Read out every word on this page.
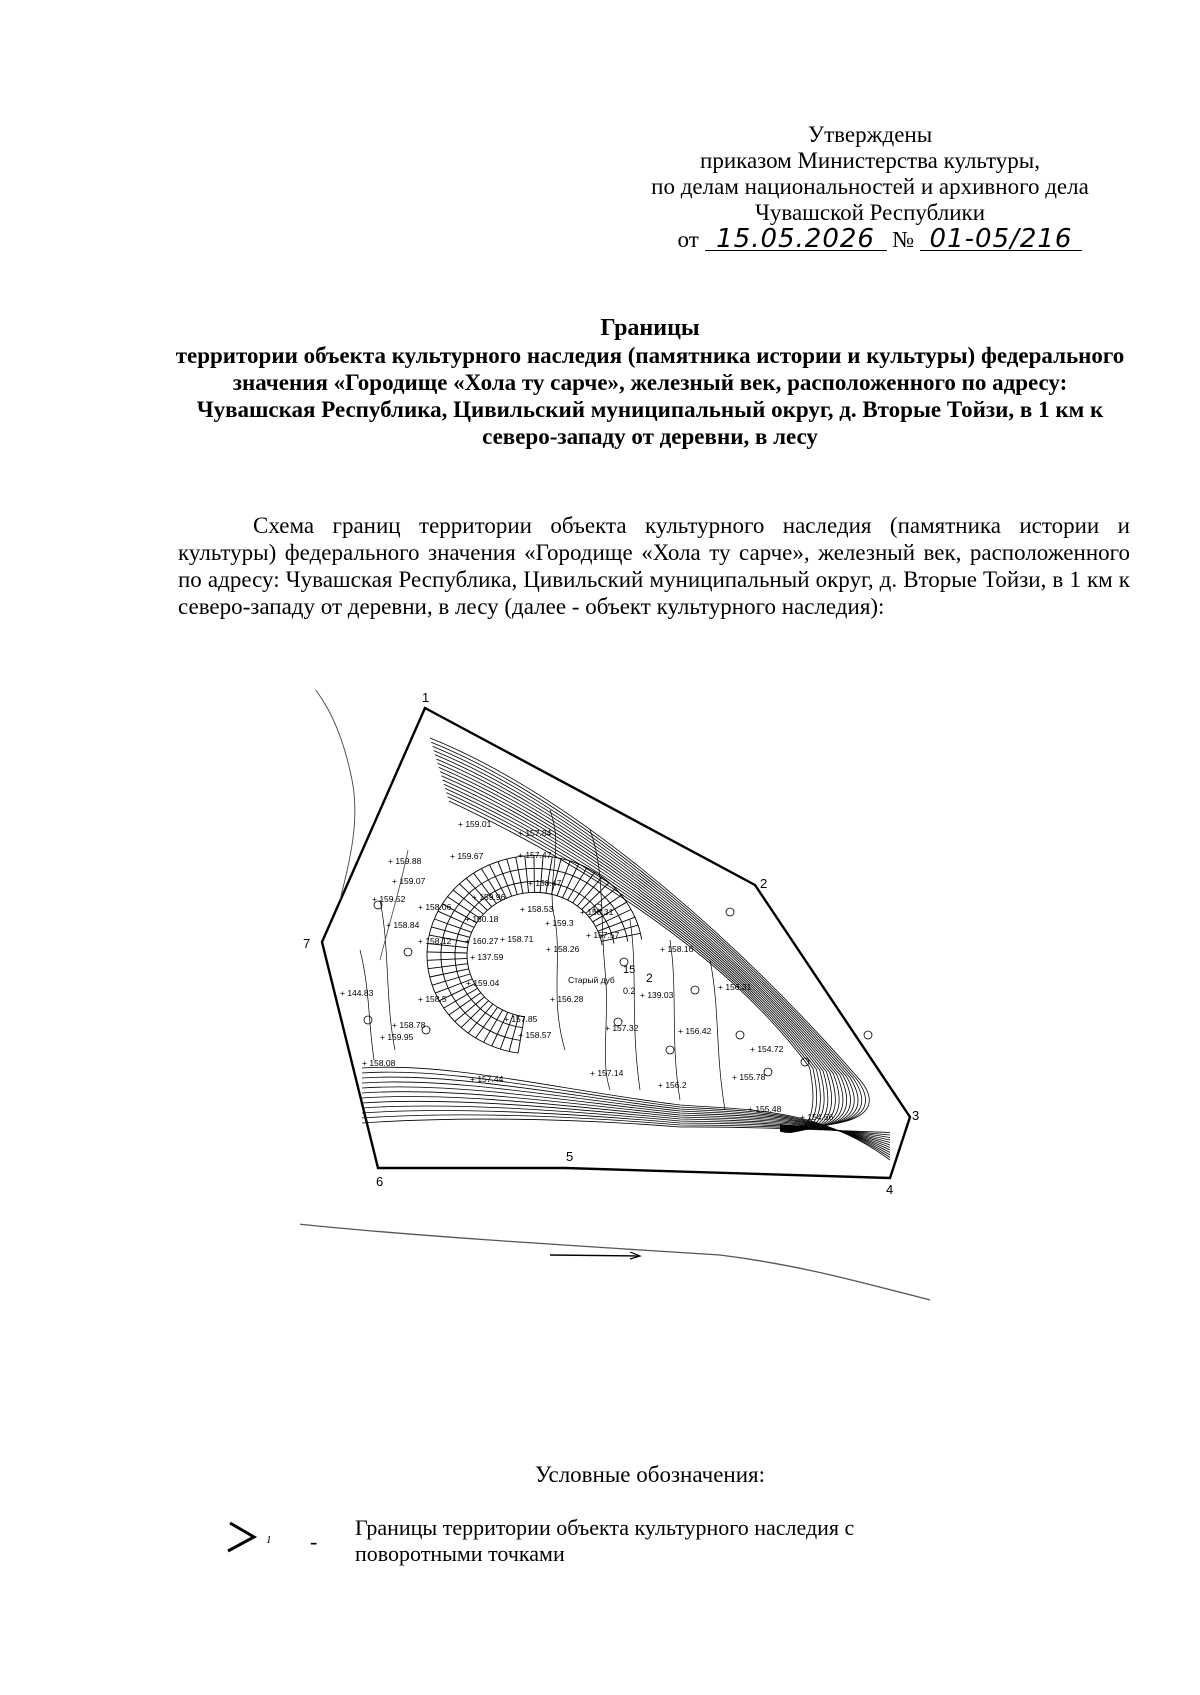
Утверждены
приказом Министерства культуры,
по делам национальностей и архивного дела
Чувашской Республики
от 15.05.2026 № 01-05/216
Границы
территории объекта культурного наследия (памятника истории и культуры) федерального значения «Городище «Хола ту сарче», железный век, расположенного по адресу: Чувашская Республика, Цивильский муниципальный округ, д. Вторые Тойзи, в 1 км к северо-западу от деревни, в лесу
Схема границ территории объекта культурного наследия (памятника истории и культуры) федерального значения «Городище «Хола ту сарче», железный век, расположенного по адресу: Чувашская Республика, Цивильский муниципальный округ, д. Вторые Тойзи, в 1 км к северо-западу от деревни, в лесу (далее - объект культурного наследия):
+ 159.01
+ 157.84
+ 159.67	+ 157.47
+ 159.88
+ 159.07	+ 158.47
+ 159.52	+ 159.96
+ 158.06	+ 158.53	+ 158.31
+ 160.18	+ 159.3
+ 158.84
+ 158.12 + 160.27 + 158.71	+ 157.57
+ 137.59
+ 158.26	+ 158.16
+ 144.83
+ 159.04
+ 158.5	+ 156.28	+ 139.03
+ 156.31
+ 158.78
+ 157.85
+ 157.32	+ 156.42
+ 159.95	+ 158.57
+ 154.72
+ 158.08
+ 157.44
+ 157.14
+ 156.2
+ 155.78
+ 155.48
+ 154.56
1
2
3
4
5
6
7
Старый дуб
15
2
0.2
Условные обозначения:
1 -
Границы территории объекта культурного наследия с поворотными точками
